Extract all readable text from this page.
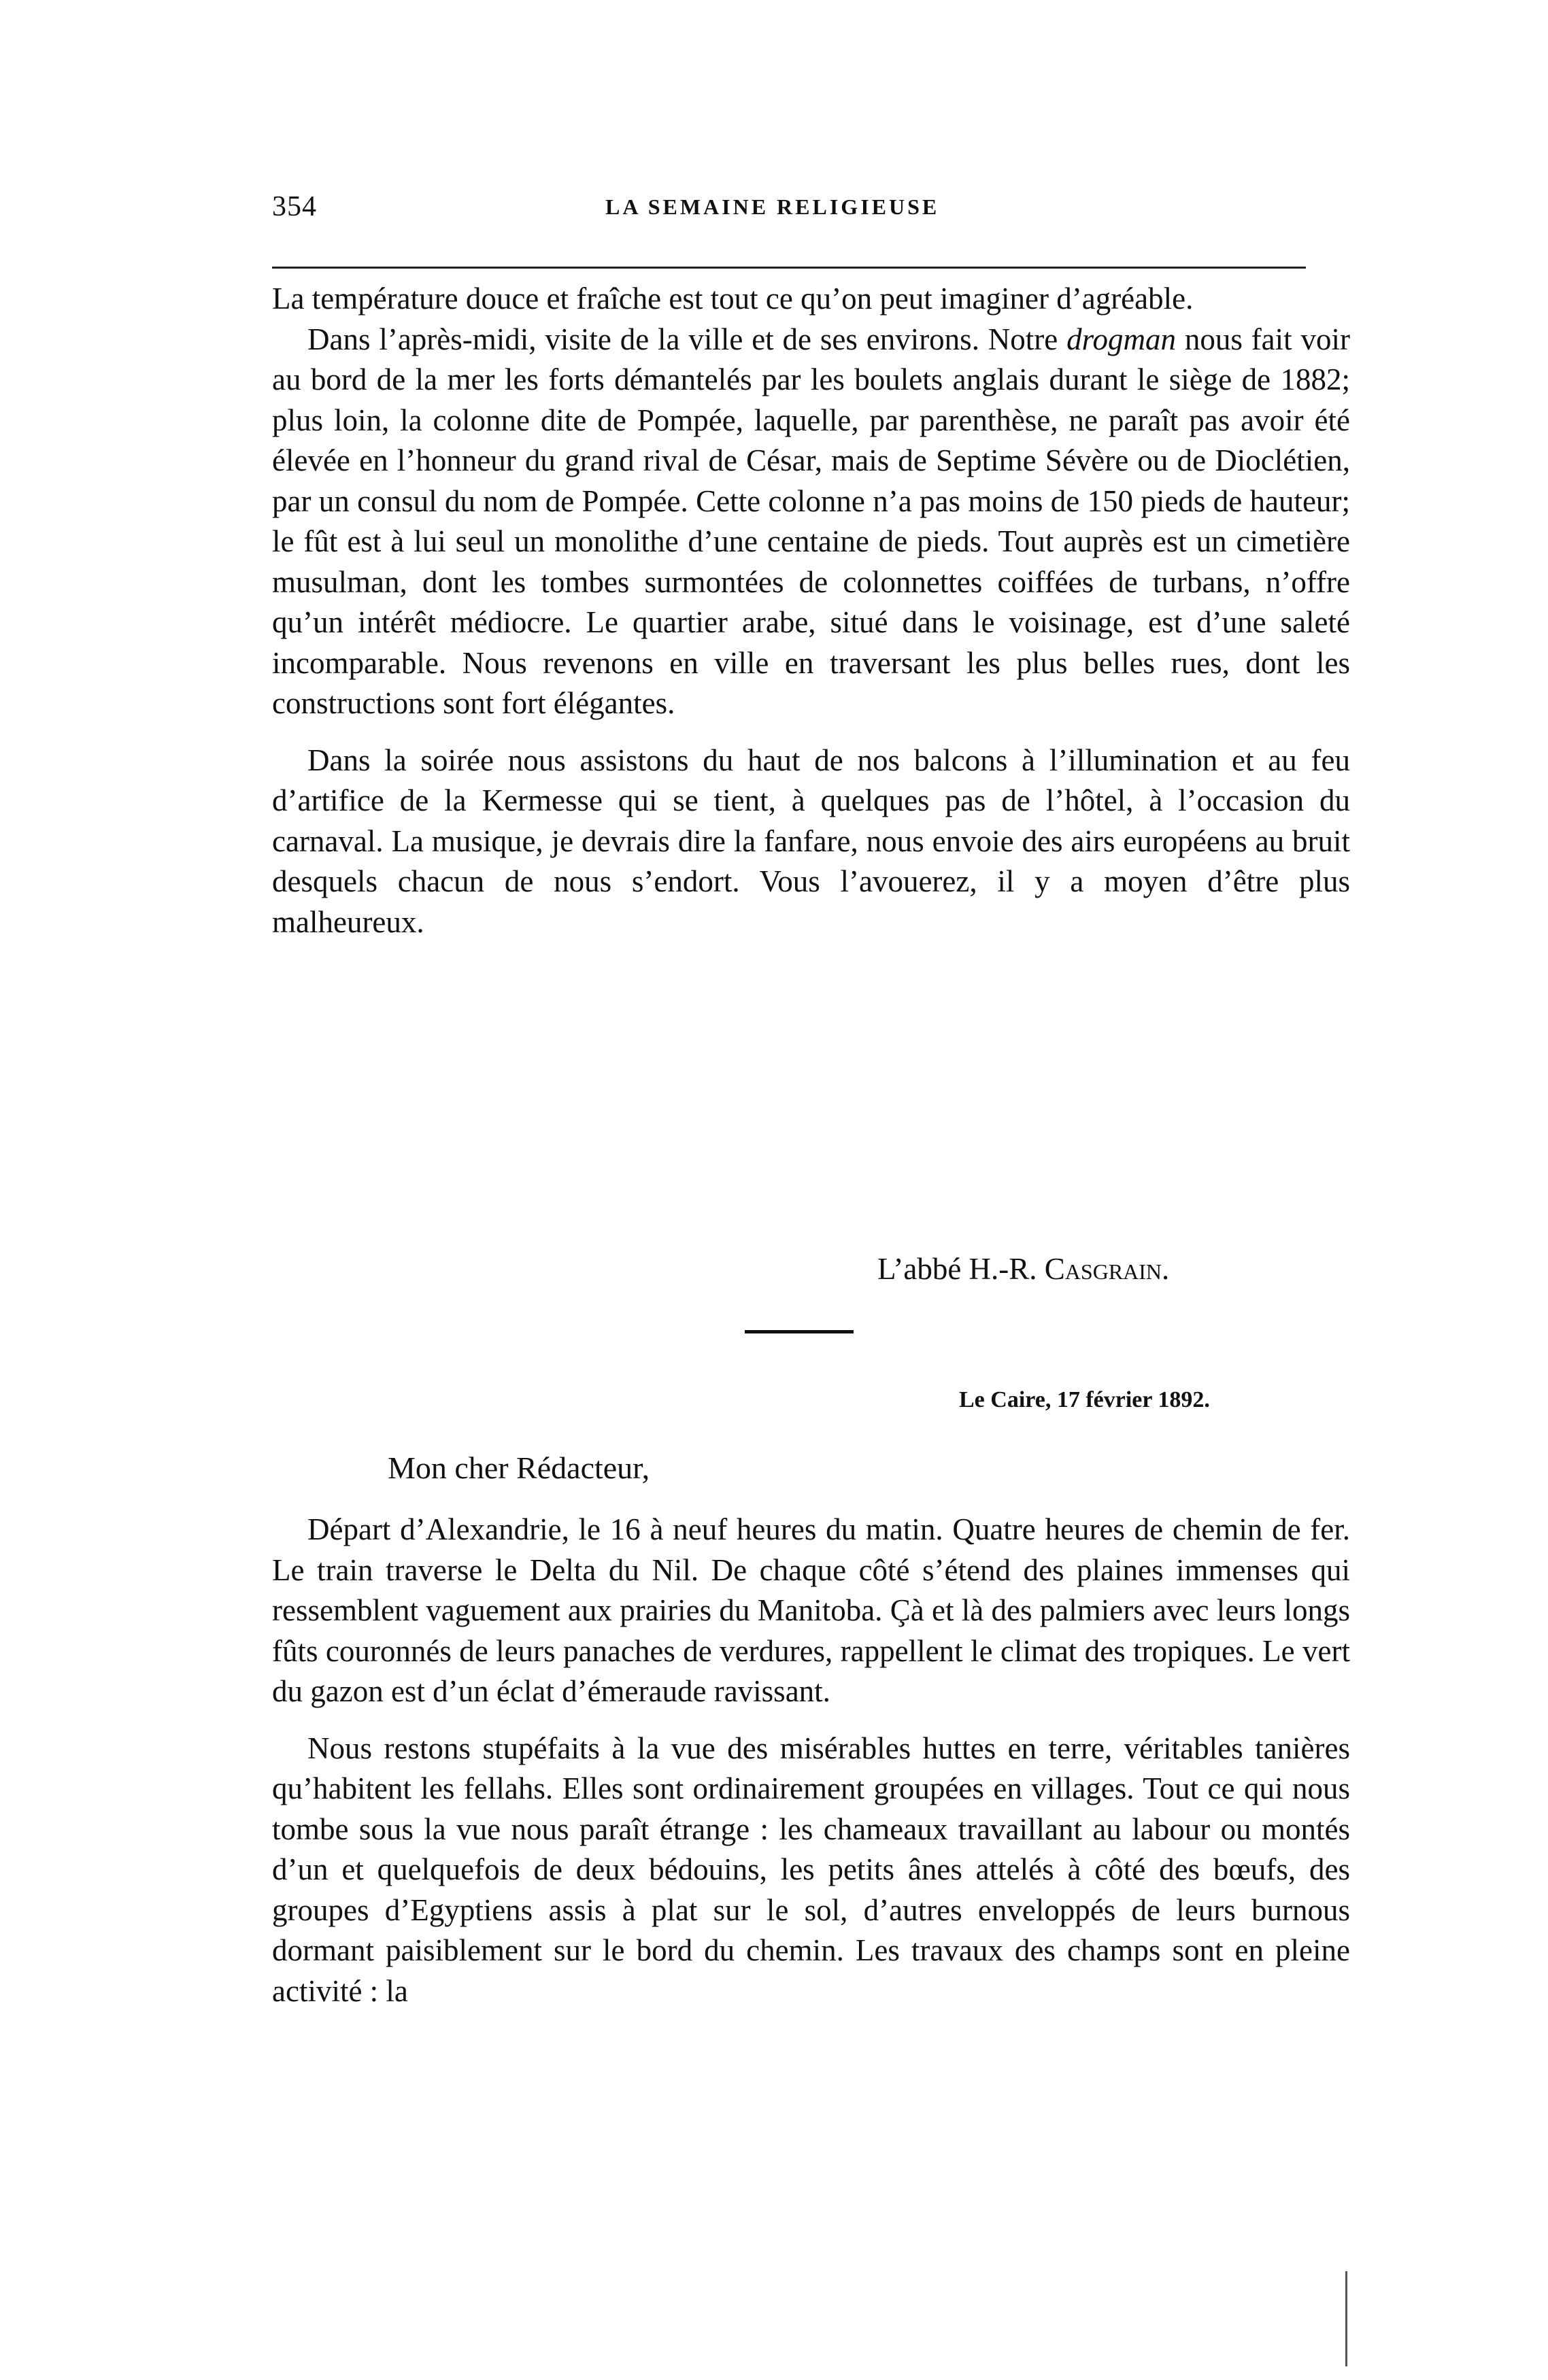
354	LA SEMAINE RELIGIEUSE

La température douce et fraîche est tout ce qu’on peut imaginer d’agréable.

Dans l’après-midi, visite de la ville et de ses environs. Notre drogman nous fait voir au bord de la mer les forts démantelés par les boulets anglais durant le siège de 1882; plus loin, la colonne dite de Pompée, laquelle, par parenthèse, ne paraît pas avoir été élevée en l’honneur du grand rival de César, mais de Septime Sévère ou de Dioclétien, par un consul du nom de Pompée. Cette colonne n’a pas moins de 150 pieds de hauteur; le fût est à lui seul un monolithe d’une centaine de pieds. Tout auprès est un cimetière musulman, dont les tombes surmontées de colonnettes coiffées de turbans, n’offre qu’un intérêt médiocre. Le quartier arabe, situé dans le voisinage, est d’une saleté incomparable. Nous revenons en ville en traversant les plus belles rues, dont les constructions sont fort élégantes.

Dans la soirée nous assistons du haut de nos balcons à l’illumination et au feu d’artifice de la Kermesse qui se tient, à quelques pas de l’hôtel, à l’occasion du carnaval. La musique, je devrais dire la fanfare, nous envoie des airs européens au bruit desquels chacun de nous s’endort. Vous l’avouerez, il y a moyen d’être plus malheureux.

L’abbé H.-R. Casgrain.
Le Caire, 17 février 1892.
Mon cher Rédacteur,

Départ d’Alexandrie, le 16 à neuf heures du matin. Quatre heures de chemin de fer. Le train traverse le Delta du Nil. De chaque côté s’étend des plaines immenses qui ressemblent vaguement aux prairies du Manitoba. Çà et là des palmiers avec leurs longs fûts couronnés de leurs panaches de verdures, rappellent le climat des tropiques. Le vert du gazon est d’un éclat d’émeraude ravissant.

Nous restons stupéfaits à la vue des misérables huttes en terre, véritables tanières qu’habitent les fellahs. Elles sont ordinairement groupées en villages. Tout ce qui nous tombe sous la vue nous paraît étrange : les chameaux travaillant au labour ou montés d’un et quelquefois de deux bédouins, les petits ânes attelés à côté des bœufs, des groupes d’Egyptiens assis à plat sur le sol, d’autres enveloppés de leurs burnous dormant paisiblement sur le bord du chemin. Les travaux des champs sont en pleine activité : la
